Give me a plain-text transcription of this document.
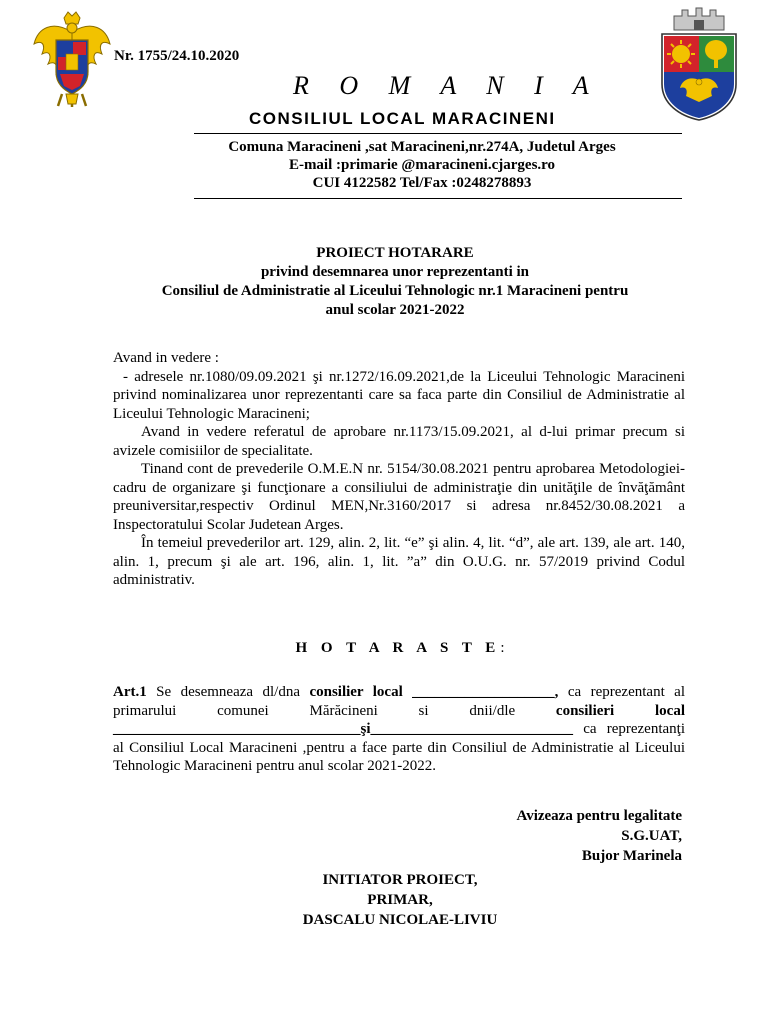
Nr. 1755/24.10.2020
R O M A N I A
CONSILIUL LOCAL MARACINENI
Comuna Maracineni ,sat Maracineni,nr.274A, Judetul Arges
E-mail :primarie @maracineni.cjarges.ro
CUI 4122582 Tel/Fax :0248278893
PROIECT HOTARARE
privind desemnarea unor reprezentanti in
Consiliul de Administratie al Liceului Tehnologic nr.1 Maracineni pentru
anul scolar 2021-2022

Avand in vedere :

- adresele nr.1080/09.09.2021 şi nr.1272/16.09.2021,de la Liceului Tehnologic Maracineni privind nominalizarea unor reprezentanti care sa faca parte din Consiliul de Administratie al Liceului Tehnologic Maracineni;

Avand in vedere referatul de aprobare nr.1173/15.09.2021, al d-lui primar precum si avizele comisiilor de specialitate.

Tinand cont de prevederile O.M.E.N nr. 5154/30.08.2021 pentru aprobarea Metodologiei-cadru de organizare şi funcţionare a consiliului de administraţie din unităţile de învăţământ preuniversitar,respectiv Ordinul MEN,Nr.3160/2017 si adresa nr.8452/30.08.2021 a Inspectoratului Scolar Judetean Arges.

În temeiul prevederilor art. 129, alin. 2, lit. “e” şi alin. 4, lit. “d”, ale art. 139, ale art. 140, alin. 1, precum şi ale art. 196, alin. 1, lit. ”a” din O.U.G. nr. 57/2019 privind Codul administrativ.

H O T A R A S T E:

Art.1 Se desemneaza dl/dna consilier local ___________________, ca reprezentant al primarului comunei Mărăcineni si dnii/dle consilieri local _________________________________şi___________________________ ca reprezentanţi al Consiliul Local Maracineni ,pentru a face parte din Consiliul de Administratie al Liceului Tehnologic Maracineni pentru anul scolar 2021-2022.

Avizeaza pentru legalitate
S.G.UAT,
Bujor Marinela
INITIATOR PROIECT,
PRIMAR,
DASCALU NICOLAE-LIVIU
